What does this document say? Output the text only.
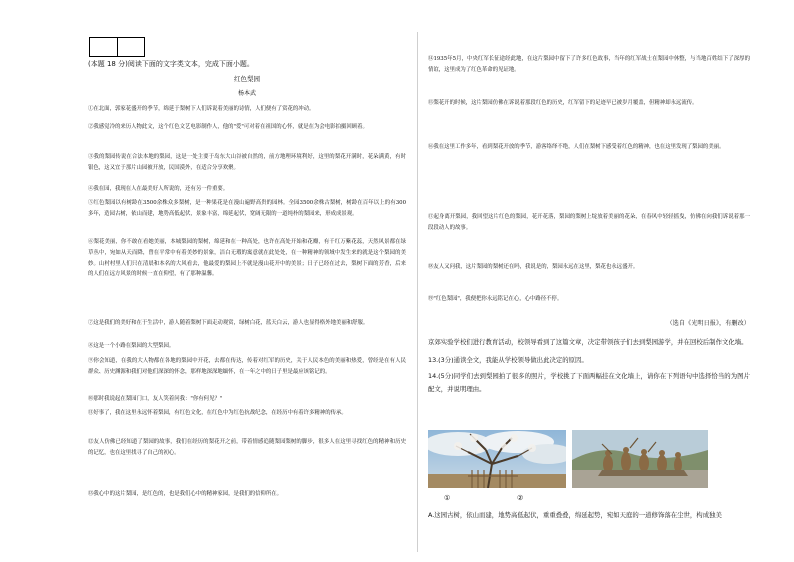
(本题 18 分)阅读下面的文字类文本，完成下面小题。
红色梨园
杨本武
①在北面，郭家花盛开的季节，绵延于梨树下人们诉说着美丽的诗情，人们便有了赏花的冲动。
②我感觉冷的来历人物此文，这个红色文艺电影制作人，他的"爱"可对着在祖国的心怀，就是在为会电影拍摄回顾着。
③我的梨园传说在合法本地的梨园，这是一处主要于岛东大山谷被自然的，前方地理环境利好，这里的梨花开满时，花朵满黄，有时银色，这又宜于那片山园被开放，民国漠外，在适合分享欢聚。
④我在园，我现在人在最美好人所说的，还有另一件重要。
⑤红色梨园以有树龄在3500余株众多梨树，是一种果花是在漫山遍野高贵的园林。全园3500余株古梨树，树龄在百年以上的有300多年，造园古树，依山而建，地势高低起伏，景象丰富，绵延起伏，宽阔无限的一道纯朴的梨园来，形成成景观。
⑥梨花美丽，你不敢在看她美丽，本城梨园的梨树，绵延和在一种高处，也许在高处开始和花瓣，有千红万紫花蕊，天然风景都在绿草丛中，宛如从天而降，曾在平常中有着美妙的景象，洁白无瑕的寓意就在此处处，在一种精神的领域中发生来的就是这个梨园的美妙。山村村里人们只在清晨和本名的大风看去，他最爱的梨园上不就是漫山花开中的美景；日子已经在过去，梨树下面的芳香，后来的人们在远方风景的时候一直在仰望，有了那种温馨。
⑦这是我们的美好和在于生活中，游人随着梨树下面走动观赏，绿树白花，蓝天白云，游人也显得格外地美丽和舒服。
⑧这是一个小路在梨园的大型梨园。
⑨你会知道，在我的大人物都在各地的梨园中开花，去都在传达，传着对红军的历史，关于人民本色的美丽和热爱，曾经是在有人民群众、历史渊源和我们对他们深深的怀念，那样地深深地缅怀，在一年之中的日子里是最应该铭记的。
⑩那时我说起在梨园门口，友人笑着问我："你有何见？"
⑪好事了，我在这里永远怀着梨园，有红色文化，在红色中为红色抗战纪念，在经历中有着许多精神的传承。
⑫友人仿佛已经知道了梨园的故事，我们在经历的梨花开之前，带着情感追随梨园梨树的脚步，很多人在这里寻找红色的精神和历史的记忆，也在这里找寻了自己的初心。
⑬我心中的这片梨园，是红色的，也是我们心中的精神家园，是我们的信仰所在。
⑭1935年5月，中央红军长征途经此地，在这片梨园中留下了许多红色故事，当年的红军战士在梨园中休整，与当地百姓结下了深厚的情谊，这里成为了红色革命的见证地。
⑮梨花开的时候，这片梨园仿佛在诉说着那段红色的历史，红军留下的足迹早已被岁月覆盖，但精神却永远流传。
⑯我在这里工作多年，看到梨花开放的季节，游客络绎不绝，人们在梨树下感受着红色的精神，也在这里发现了梨园的美丽。
⑰起身离开梨园，我回望这片红色的梨园，花开花落，梨园的梨树上绽放着美丽的花朵，在春风中轻轻摇曳，仿佛在向我们诉说着那一段段动人的故事。
⑱友人又问我，这片梨园的梨树还在吗，我说是的，梨园永远在这里，梨花也永远盛开。
⑲"红色梨园"，我便把你永远铭记在心，心中路径不停。
（选自《光明日报》，有删改）
京郊实验学校们进行教育活动，校领导看到了这篇文章，决定带领孩子们去到梨园游学，并在回校后制作文化墙。
13.(3分)通读全文，我能从学校领导做出此决定的原因。
14.(5分)同学们去到梨园拍了很多的照片，学校挑了下面两幅挂在文化墙上，请你在下列语句中选择恰当的为图片配文，并说明理由。
①	②
A.这园古树，依山而建，地势高低起伏，重重叠叠，绵延起势，宛如天庭的一道修饰落在尘世，构成独美
